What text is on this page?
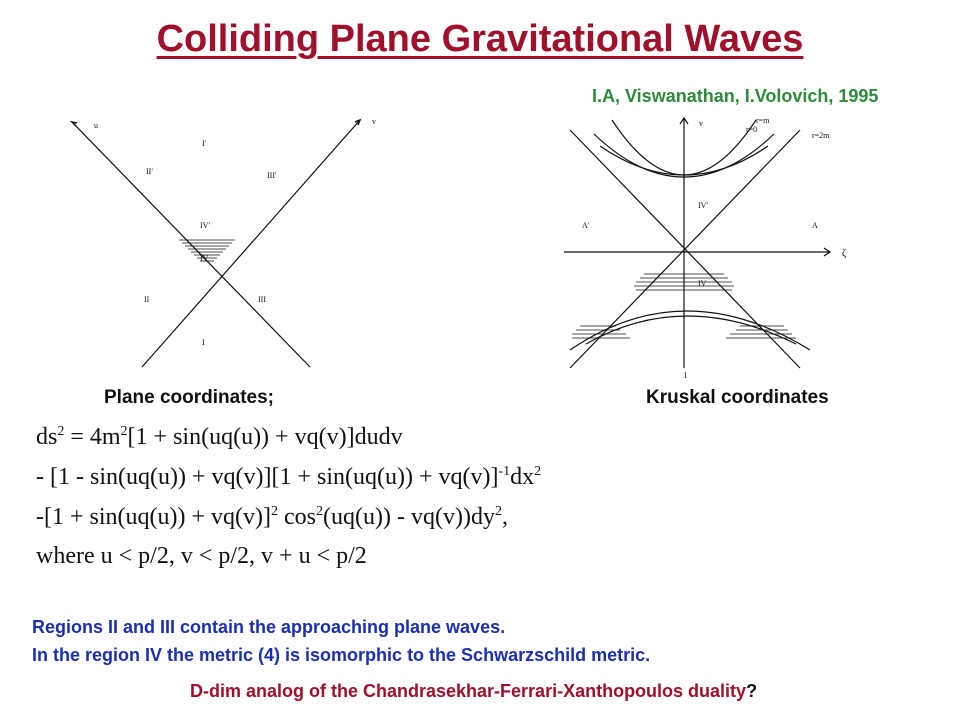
Colliding Plane Gravitational Waves
I.A, Viswanathan, I.Volovich, 1995
u	v
I'
II'	III'
IV'
IV
II	III
I
Plane coordinates;
v
r=0
r=m
r=2m
IV'
A'	A
ζ
IV
I
Kruskal coordinates
$ds^2 = 4m^2[1 + \sin(uq(u))$ + vq(v)]dudv
- $[1 - \sin(uq(u)) + vq(v)][1 + \sin(uq(u)) + vq(v)]^{-1}dx^2$
$-[1 + \sin(uq(u)) + vq(v)]^2$ $\cos^2(uq(u)) - vq(v))dy^2$,
where u < p/2, v < p/2, v + u < p/2
Regions II and III contain the approaching plane waves.
In the region IV the metric (4) is isomorphic to the Schwarzschild metric.
D-dim analog of the Chandrasekhar-Ferrari-Xanthopoulos duality?
